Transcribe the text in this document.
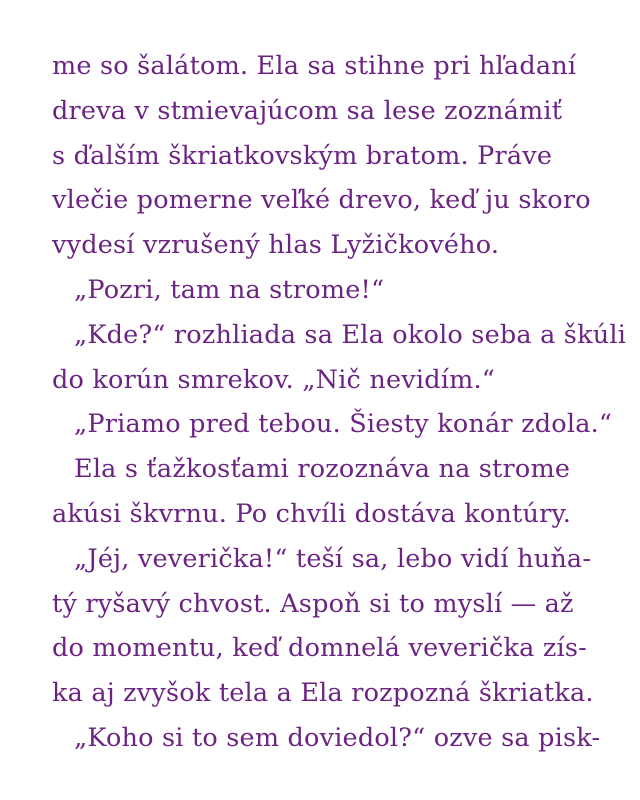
me so šalátom. Ela sa stihne pri hľadaní
dreva v stmievajúcom sa lese zoznámiť
s ďalším škriatkovským bratom. Práve
vlečie pomerne veľké drevo, keď ju skoro
vydesí vzrušený hlas Lyžičkového.
„Pozri, tam na strome!“
„Kde?“ rozhliada sa Ela okolo seba a škúli
do korún smrekov. „Nič nevidím.“
„Priamo pred tebou. Šiesty konár zdola.“
Ela s ťažkosťami rozoznáva na strome
akúsi škvrnu. Po chvíli dostáva kontúry.
„Jéj, veverička!“ teší sa, lebo vidí huňa-
tý ryšavý chvost. Aspoň si to myslí — až
do momentu, keď domnelá veverička zís-
ka aj zvyšok tela a Ela rozpozná škriatka.
„Koho si to sem doviedol?“ ozve sa pisk-
